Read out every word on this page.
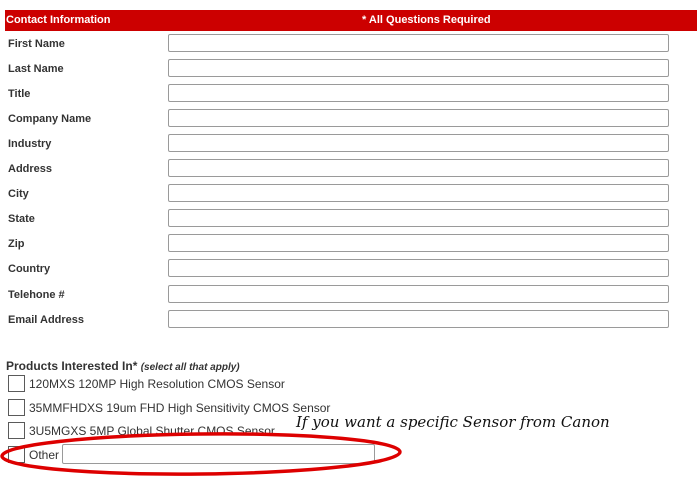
Contact Information	* All Questions Required
First Name
Last Name
Title
Company Name
Industry
Address
City
State
Zip
Country
Telehone #
Email Address
Products Interested In* (select all that apply)
120MXS 120MP High Resolution CMOS Sensor
35MMFHDXS 19um FHD High Sensitivity CMOS Sensor
3U5MGXS 5MP Global Shutter CMOS Sensor
Other
If you want a specific Sensor from Canon
